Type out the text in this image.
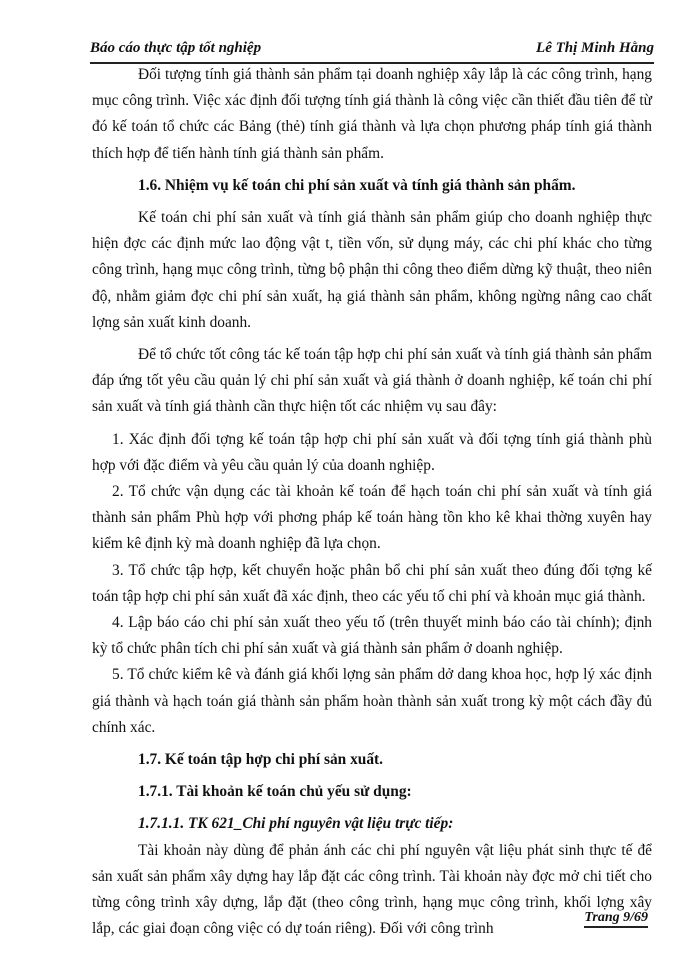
Báo cáo thực tập tốt nghiệp	Lê Thị Minh Hằng

Đối tượng tính giá thành sản phẩm tại doanh nghiệp xây lắp là các công trình, hạng mục công trình. Việc xác định đối tượng tính giá thành là công việc cần thiết đầu tiên để từ đó kế toán tổ chức các Bảng (thẻ) tính giá thành và lựa chọn phương pháp tính giá thành thích hợp để tiến hành tính giá thành sản phẩm.

1.6. Nhiệm vụ kế toán chi phí sản xuất và tính giá thành sản phẩm.

Kế toán chi phí sản xuất và tính giá thành sản phẩm giúp cho doanh nghiệp thực hiện đợc các định mức lao động vật t, tiền vốn, sử dụng máy, các chi phí khác cho từng công trình, hạng mục công trình, từng bộ phận thi công theo điểm dừng kỹ thuật, theo niên độ, nhằm giảm đợc chi phí sản xuất, hạ giá thành sản phẩm, không ngừng nâng cao chất lợng sản xuất kinh doanh.

Để tổ chức tốt công tác kế toán tập hợp chi phí sản xuất và tính giá thành sản phẩm đáp ứng tốt yêu cầu quản lý chi phí sản xuất và giá thành ở doanh nghiệp, kế toán chi phí sản xuất và tính giá thành cần thực hiện tốt các nhiệm vụ sau đây:

1. Xác định đối tợng kế toán tập hợp chi phí sản xuất và đối tợng tính giá thành phù hợp với đặc điểm và yêu cầu quản lý của doanh nghiệp.

2. Tổ chức vận dụng các tài khoản kế toán để hạch toán chi phí sản xuất và tính giá thành sản phẩm Phù hợp với phơng pháp kế toán hàng tồn kho kê khai thờng xuyên hay kiểm kê định kỳ mà doanh nghiệp đã lựa chọn.

3. Tổ chức tập hợp, kết chuyển hoặc phân bổ chi phí sản xuất theo đúng đối tợng kế toán tập hợp chi phí sản xuất đã xác định, theo các yếu tố chi phí và khoản mục giá thành.

4. Lập báo cáo chi phí sản xuất theo yếu tố (trên thuyết minh báo cáo tài chính); định kỳ tổ chức phân tích chi phí sản xuất và giá thành sản phẩm ở doanh nghiệp.

5. Tổ chức kiểm kê và đánh giá khối lợng sản phẩm dở dang khoa học, hợp lý xác định giá thành và hạch toán giá thành sản phẩm hoàn thành sản xuất trong kỳ một cách đầy đủ chính xác.

1.7. Kế toán tập hợp chi phí sản xuất.
1.7.1. Tài khoản kế toán chủ yếu sử dụng:
1.7.1.1. TK 621_Chi phí nguyên vật liệu trực tiếp:

Tài khoản này dùng để phản ánh các chi phí nguyên vật liệu phát sinh thực tế để sản xuất sản phẩm xây dựng hay lắp đặt các công trình. Tài khoản này đợc mở chi tiết cho từng công trình xây dựng, lắp đặt (theo công trình, hạng mục công trình, khối lợng xây lắp, các giai đoạn công việc có dự toán riêng). Đối với công trình

Trang 9/69
